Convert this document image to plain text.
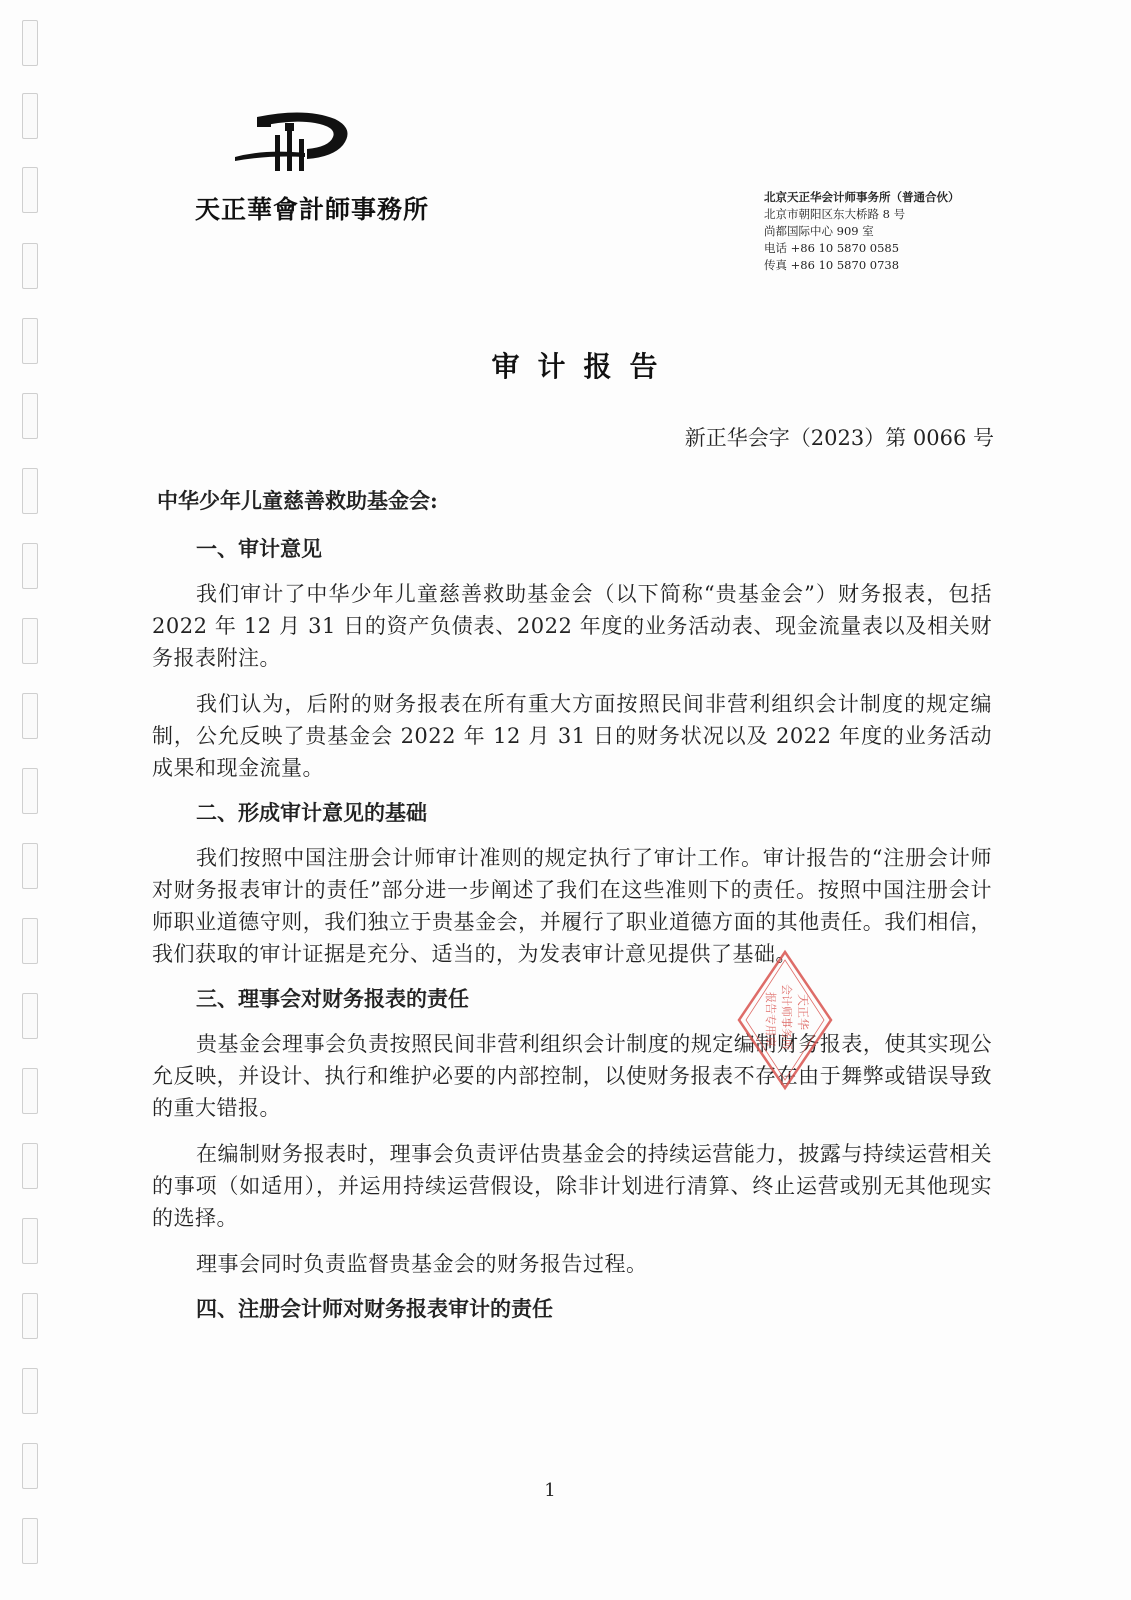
天正華會計師事務所	北京天正华会计师事务所（普通合伙）
北京市朝阳区东大桥路 8 号
尚都国际中心 909 室
电话 +86 10 5870 0585
传真 +86 10 5870 0738
审计报告
新正华会字（2023）第 0066 号
中华少年儿童慈善救助基金会:
一、审计意见

我们审计了中华少年儿童慈善救助基金会（以下简称“贵基金会”）财务报表，包括 2022 年 12 月 31 日的资产负债表、2022 年度的业务活动表、现金流量表以及相关财务报表附注。

我们认为，后附的财务报表在所有重大方面按照民间非营利组织会计制度的规定编制，公允反映了贵基金会 2022 年 12 月 31 日的财务状况以及 2022 年度的业务活动成果和现金流量。

二、形成审计意见的基础

我们按照中国注册会计师审计准则的规定执行了审计工作。审计报告的“注册会计师对财务报表审计的责任”部分进一步阐述了我们在这些准则下的责任。按照中国注册会计师职业道德守则，我们独立于贵基金会，并履行了职业道德方面的其他责任。我们相信，我们获取的审计证据是充分、适当的，为发表审计意见提供了基础。

三、理事会对财务报表的责任

贵基金会理事会负责按照民间非营利组织会计制度的规定编制财务报表，使其实现公允反映，并设计、执行和维护必要的内部控制，以使财务报表不存在由于舞弊或错误导致的重大错报。

在编制财务报表时，理事会负责评估贵基金会的持续运营能力，披露与持续运营相关的事项（如适用），并运用持续运营假设，除非计划进行清算、终止运营或别无其他现实的选择。

理事会同时负责监督贵基金会的财务报告过程。

四、注册会计师对财务报表审计的责任
天正华
会计师事务所
报告专用章
1
